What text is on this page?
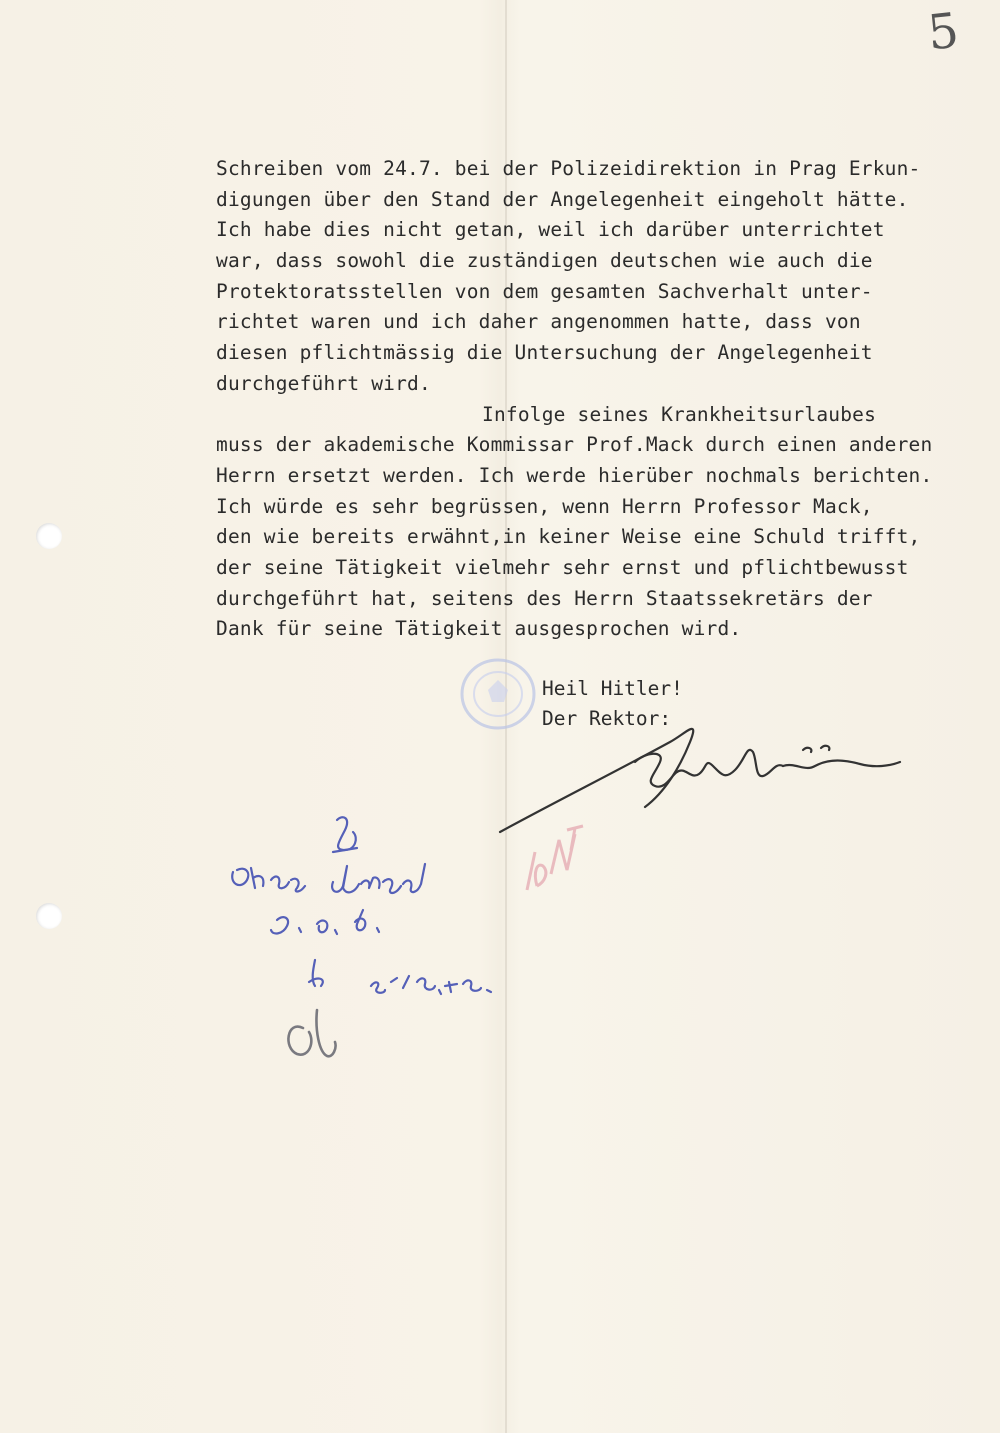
5
Schreiben vom 24.7. bei der Polizeidirektion in Prag Erkun-
digungen über den Stand der Angelegenheit eingeholt hätte.
Ich habe dies nicht getan, weil ich darüber unterrichtet
war, dass sowohl die zuständigen deutschen wie auch die
Protektoratsstellen von dem gesamten Sachverhalt unter-
richtet waren und ich daher angenommen hatte, dass von
diesen pflichtmässig die Untersuchung der Angelegenheit
durchgeführt wird.
Infolge seines Krankheitsurlaubes
muss der akademische Kommissar Prof.Mack durch einen anderen
Herrn ersetzt werden. Ich werde hierüber nochmals berichten.
Ich würde es sehr begrüssen, wenn Herrn Professor Mack,
den wie bereits erwähnt,in keiner Weise eine Schuld trifft,
der seine Tätigkeit vielmehr sehr ernst und pflichtbewusst
durchgeführt hat, seitens des Herrn Staatssekretärs der
Dank für seine Tätigkeit ausgesprochen wird.
Heil Hitler!
Der Rektor:
